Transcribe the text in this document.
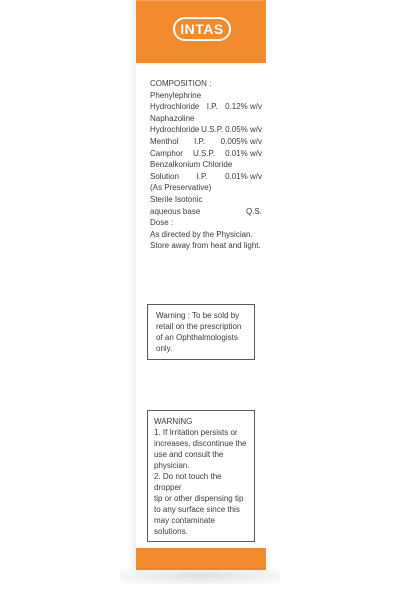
INTAS
COMPOSITION :
Phenylephrine
Hydrochloride I.P. 0.12% w/v
Naphazoline
Hydrochloride U.S.P. 0.05% w/v
Menthol I.P. 0.005% w/v
Camphor U.S.P. 0.01% w/v
Benzalkonium Chloride
Solution I.P. 0.01% w/v
(As Preservative)
Sterile Isotonic
aqueous base	Q.S.
Dose :
As directed by the Physician.
Store away from heat and light.
Warning : To be sold by
retail on the prescription
of an Ophthalmologists
only.
WARNING
1. If Irritation persists or
increases, discontinue the
use and consult the
physician.
2. Do not touch the dropper
tip or other dispensing tip
to any surface since this
may contaminate
solutions.
